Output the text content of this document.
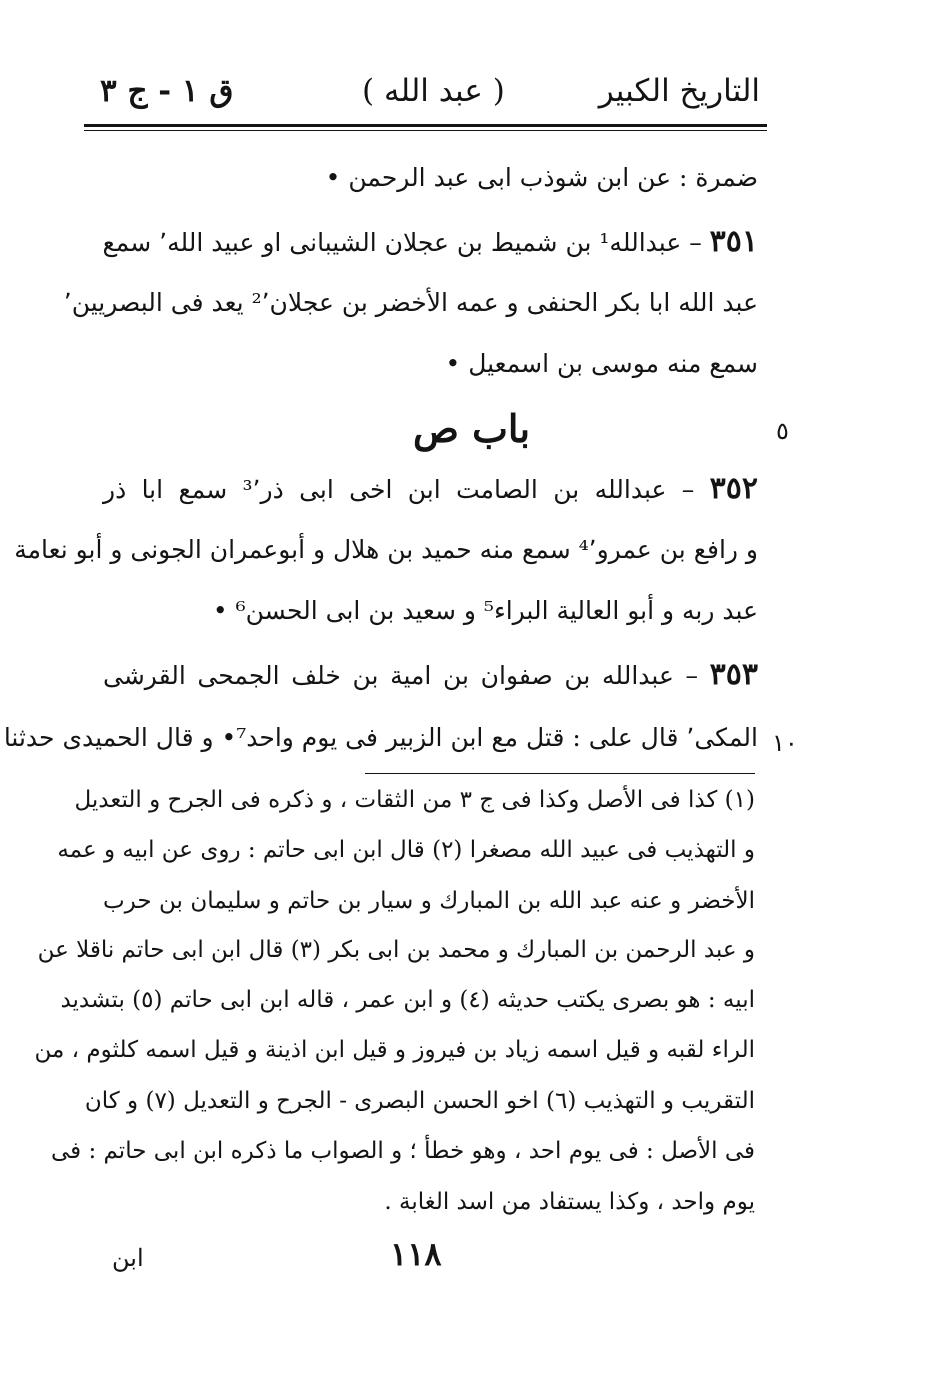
التاريخ الكبير
( عبد الله )
ق ١ - ج ٣
ضمرة : عن ابن شوذب ابى عبد الرحمن •
٣٥١ – عبدالله¹ بن شميط بن عجلان الشيبانى او عبيد الله٬ سمع
عبد الله ابا بكر الحنفى و عمه الأخضر بن عجلان²٬ يعد فى البصريين٬
سمع منه موسى بن اسمعيل •
باب ص	٥
٣٥٢ – عبدالله بن الصامت ابن اخى ابى ذر³٬ سمع ابا ذر
و رافع بن عمرو⁴٬ سمع منه حميد بن هلال و أبوعمران الجونى و أبو نعامة
عبد ربه و أبو العالية البراء⁵ و سعيد بن ابى الحسن⁶ •
٣٥٣ – عبدالله بن صفوان بن امية بن خلف الجمحى القرشى
المكى٬ قال على : قتل مع ابن الزبير فى يوم واحد⁷• و قال الحميدى حدثنا ١٠
(١) كذا فى الأصل وكذا فى ج ٣ من الثقات ، و ذكره فى الجرح و التعديل
و التهذيب فى عبيد الله مصغرا (٢) قال ابن ابى حاتم : روى عن ابيه و عمه
الأخضر و عنه عبد الله بن المبارك و سيار بن حاتم و سليمان بن حرب
و عبد الرحمن بن المبارك و محمد بن ابى بكر (٣) قال ابن ابى حاتم ناقلا عن
ابيه : هو بصرى يكتب حديثه (٤) و ابن عمر ، قاله ابن ابى حاتم (٥) بتشديد
الراء لقبه و قيل اسمه زياد بن فيروز و قيل ابن اذينة و قيل اسمه كلثوم ، من
التقريب و التهذيب (٦) اخو الحسن البصرى - الجرح و التعديل (٧) و كان
فى الأصل : فى يوم احد ، وهو خطأ ؛ و الصواب ما ذكره ابن ابى حاتم : فى
يوم واحد ، وكذا يستفاد من اسد الغابة .
١١٨
ابن
